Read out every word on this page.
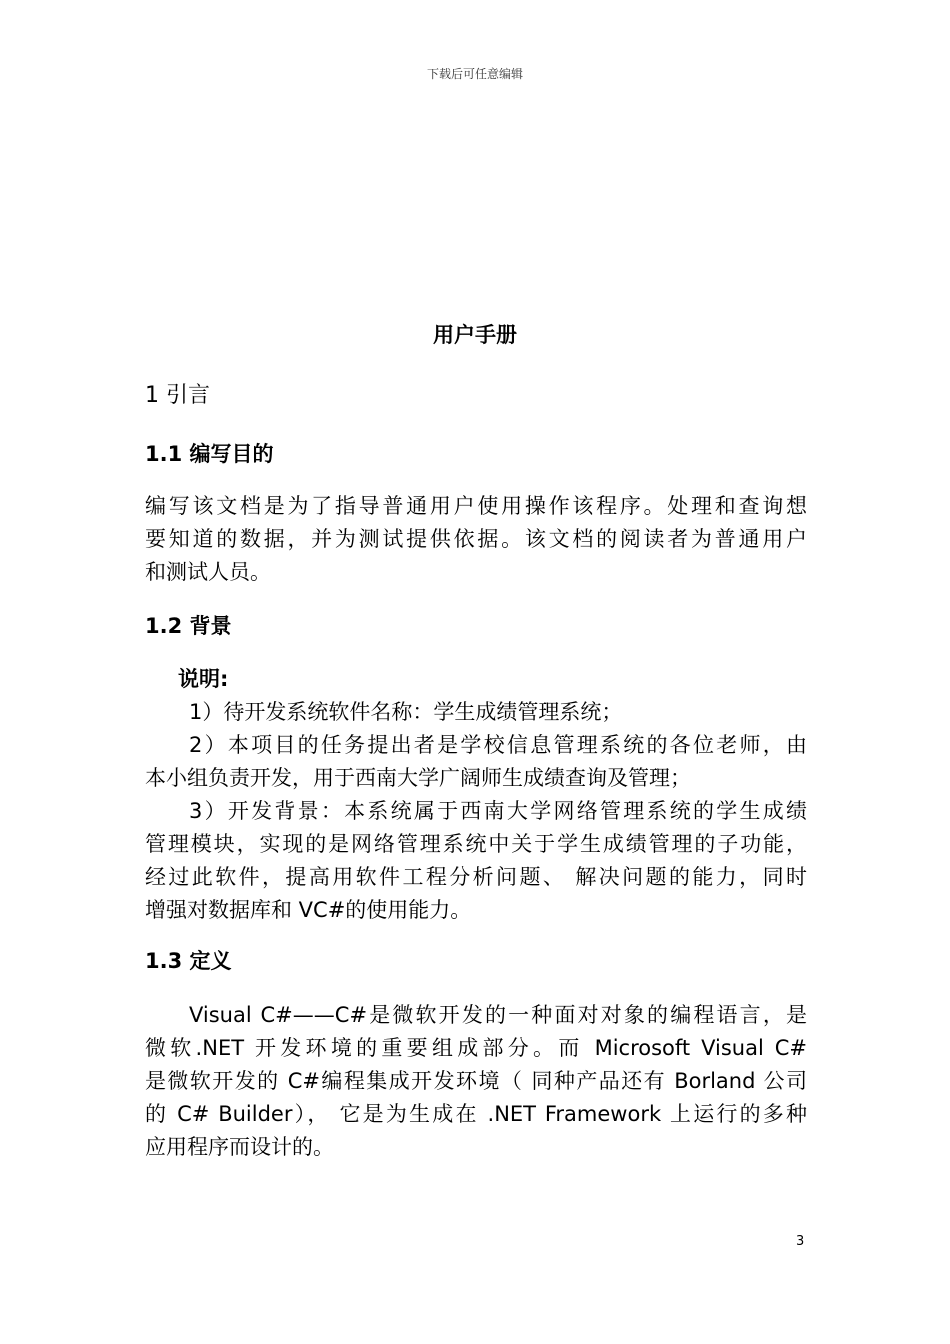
下载后可任意编辑
用户手册
1 引言
1.1 编写目的
编写该文档是为了指导普通用户使用操作该程序。处理和查询想
要知道的数据，并为测试提供依据。该文档的阅读者为普通用户
和测试人员。
1.2 背景
说明:
1）待开发系统软件名称：学生成绩管理系统；
2）本项目的任务提出者是学校信息管理系统的各位老师，由
本小组负责开发，用于西南大学广阔师生成绩查询及管理；
3）开发背景：本系统属于西南大学网络管理系统的学生成绩
管理模块，实现的是网络管理系统中关于学生成绩管理的子功能，
经过此软件，提高用软件工程分析问题、 解决问题的能力，同时
增强对数据库和 VC#的使用能力。
1.3 定义
Visual C#——C#是微软开发的一种面对对象的编程语言，是
微软.NET 开发环境的重要组成部分。而 Microsoft Visual C#
是微软开发的 C#编程集成开发环境（ 同种产品还有 Borland 公司
的 C# Builder）， 它是为生成在 .NET Framework 上运行的多种
应用程序而设计的。
3
